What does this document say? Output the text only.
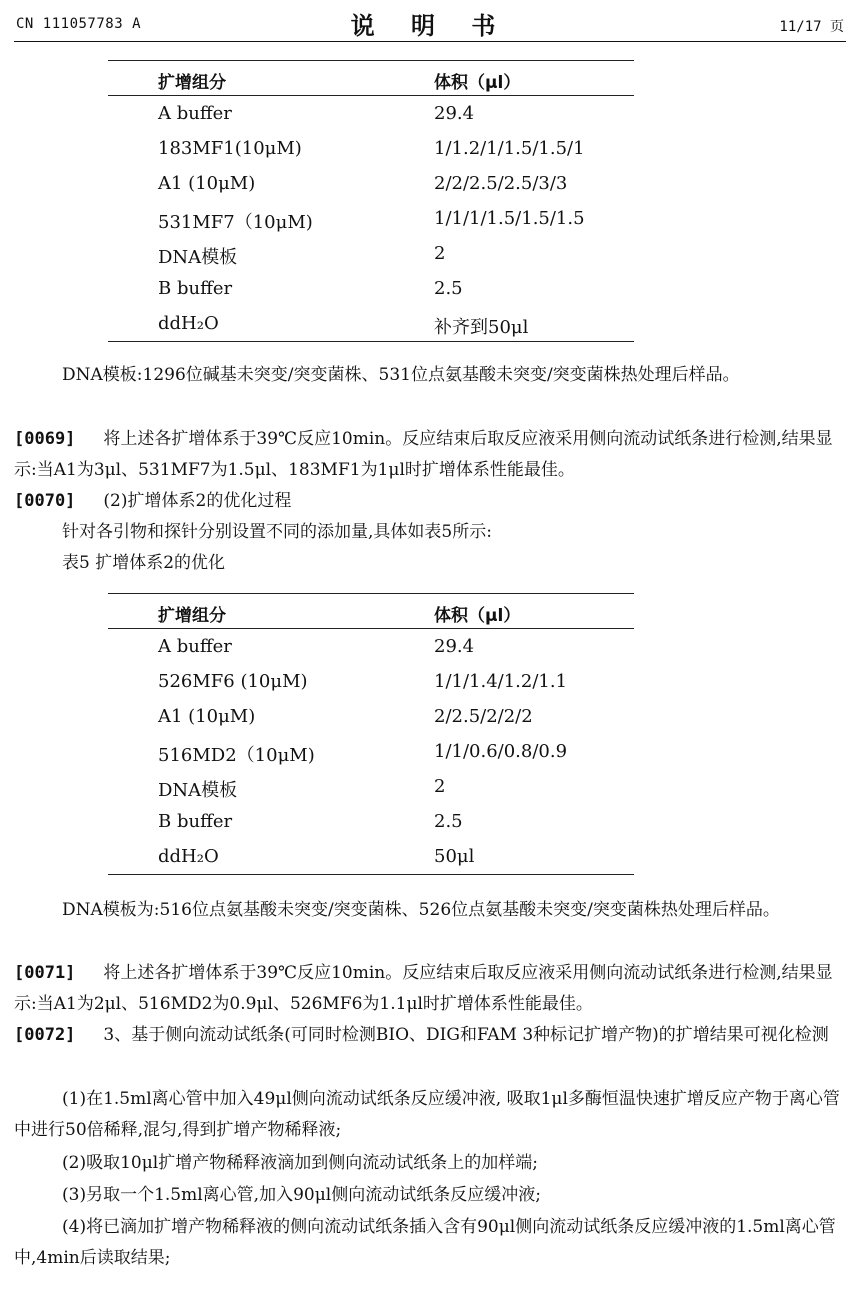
CN 111057783 A	说 明 书	11/17 页
扩增组分	体积（μl）
A buffer	29.4
183MF1(10μM)	1/1.2/1/1.5/1.5/1
A1 (10μM)	2/2/2.5/2.5/3/3
531MF7（10μM)	1/1/1/1.5/1.5/1.5
DNA模板	2
B buffer	2.5
ddH₂O	补齐到50μl

DNA模板:1296位碱基未突变/突变菌株、531位点氨基酸未突变/突变菌株热处理后样品。

[0069] 将上述各扩增体系于39℃反应10min。反应结束后取反应液采用侧向流动试纸条进行检测,结果显示:当A1为3μl、531MF7为1.5μl、183MF1为1μl时扩增体系性能最佳。

[0070] (2)扩增体系2的优化过程

针对各引物和探针分别设置不同的添加量,具体如表5所示:

表5 扩增体系2的优化

扩增组分	体积（μl）
A buffer	29.4
526MF6 (10μM)	1/1/1.4/1.2/1.1
A1 (10μM)	2/2.5/2/2/2
516MD2（10μM)	1/1/0.6/0.8/0.9
DNA模板	2
B buffer	2.5
ddH₂O	50μl

DNA模板为:516位点氨基酸未突变/突变菌株、526位点氨基酸未突变/突变菌株热处理后样品。

[0071] 将上述各扩增体系于39℃反应10min。反应结束后取反应液采用侧向流动试纸条进行检测,结果显示:当A1为2μl、516MD2为0.9μl、526MF6为1.1μl时扩增体系性能最佳。

[0072] 3、基于侧向流动试纸条(可同时检测BIO、DIG和FAM 3种标记扩增产物)的扩增结果可视化检测

(1)在1.5ml离心管中加入49μl侧向流动试纸条反应缓冲液, 吸取1μl多酶恒温快速扩增反应产物于离心管中进行50倍稀释,混匀,得到扩增产物稀释液;

(2)吸取10μl扩增产物稀释液滴加到侧向流动试纸条上的加样端;

(3)另取一个1.5ml离心管,加入90μl侧向流动试纸条反应缓冲液;

(4)将已滴加扩增产物稀释液的侧向流动试纸条插入含有90μl侧向流动试纸条反应缓冲液的1.5ml离心管中,4min后读取结果;
